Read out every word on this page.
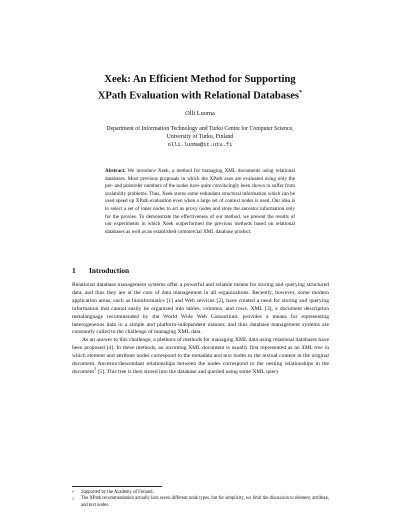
Xeek: An Efficient Method for Supporting
XPath Evaluation with Relational Databases*
Olli Luoma
Department of Information Technology and Turku Centre for Computer Science,
University of Turku, Finland
olli.luoma@it.utu.fi
Abstract. We introduce Xeek, a method for managing XML documents using relational databases. Most previous proposals in which the XPath axes are evaluated using only the pre- and postorder numbers of the nodes have quite convincingly been shown to suffer from scalability problems. Thus, Xeek stores some redundant structural information which can be used speed up XPath evaluation even when a large set of context nodes is used. Our idea is to select a set of inner nodes to act as proxy nodes and store the ancestor information only for the proxies. To demonstrate the effectiveness of our method, we present the results of our experiments in which Xeek outperformed the previous methods based on relational databases as well as an established commercial XML database product.
1 Introduction

Relational database management systems offer a powerful and reliable means for storing and querying structured data, and thus they are at the core of data management in all organizations. Recently, however, some modern application areas, such as bioinformatics [1] and Web services [2], have created a need for storing and querying information that cannot easily be organized into tables, columns, and rows. XML [3], a document description metalanguage recommended by the World Wide Web Consortium, provides a means for representing heterogeneous data in a simple and platform-independent manner, and thus database management systems are constantly called to the challenge of managing XML data.

As an answer to this challenge, a plethora of methods for managing XML data using relational databases have been proposed [4]. In these methods, an incoming XML document is usually first represented as an XML tree in which element and attribute nodes correspond to the metadata and text nodes to the textual content in the original document. Ancestor/descendant relationships between the nodes correspond to the nesting relationships in the document$^1$ [5]. This tree is then stored into the database and queried using some XML query

* Supported by the Academy of Finland.
1 The XPath recommendation actually lists seven different node types, but for simplicity, we limit the discussion to element, attribute, and text nodes.
